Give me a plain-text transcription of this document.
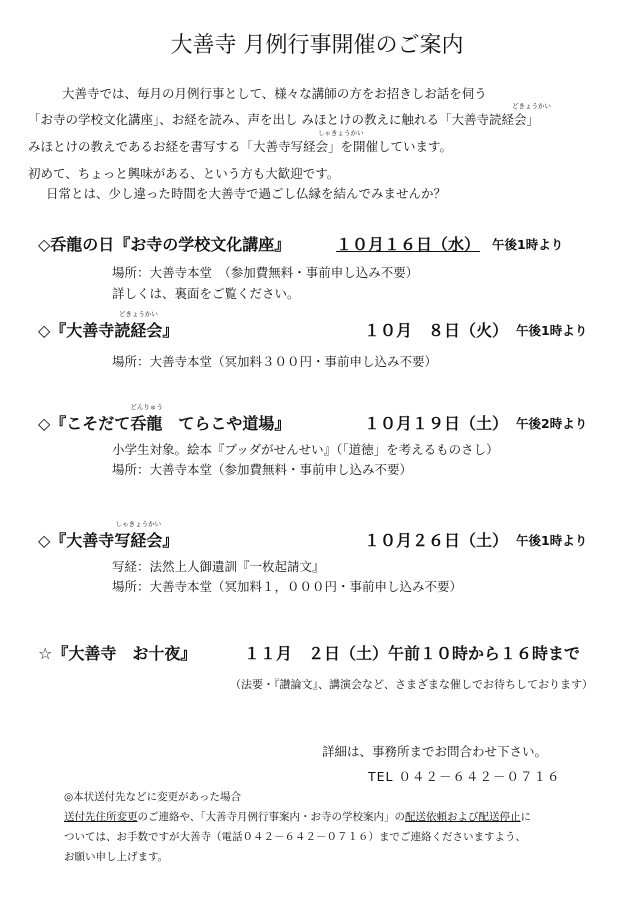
大善寺 月例行事開催のご案内
大善寺では、毎月の月例行事として、様々な講師の方をお招きしお話を伺う
「お寺の学校文化講座」、お経を読み、声を出し みほとけの教えに触れる「大善寺読経会」
どきょうかい
みほとけの教えであるお経を書写する「大善寺写経会」を開催しています。
しゃきょうかい
初めて、ちょっと興味がある、という方も大歓迎です。
日常とは、少し違った時間を大善寺で過ごし仏縁を結んでみませんか？
◇呑龍の日『お寺の学校文化講座』	１０月１６日（水） 午後1時より
場所：大善寺本堂　（参加費無料・事前申し込み不要）
詳しくは、裏面をご覧ください。
◇『大善寺読経会
どきょうかい
』	１０月　８日（火） 午後1時より
場所：大善寺本堂（冥加料３００円・事前申し込み不要）
◇『こそだて呑龍
どんりゅう
　てらこや道場』	１０月１９日（土） 午後2時より
小学生対象。絵本『ブッダがせんせい』（「道徳」を考えるものさし）
場所：大善寺本堂（参加費無料・事前申し込み不要）
◇『大善寺写経会
しゃきょうかい
』	１０月２６日（土） 午後1時より
写経：法然上人御遺訓『一枚起請文』
場所：大善寺本堂（冥加料１，０００円・事前申し込み不要）
☆『大善寺　お十夜』	１１月　２日（土）午前１０時から１６時まで
（法要・『讃論文』、講演会など、さまざまな催しでお待ちしております）
詳細は、事務所までお問合わせ下さい。
TEL ０４２－６４２－０７１６
◎本状送付先などに変更があった場合
送付先住所変更のご連絡や、「大善寺月例行事案内・お寺の学校案内」の配送依頼および配送停止に
ついては、お手数ですが大善寺（電話０４２－６４２－０７１６）までご連絡くださいますよう、
お願い申し上げます。
